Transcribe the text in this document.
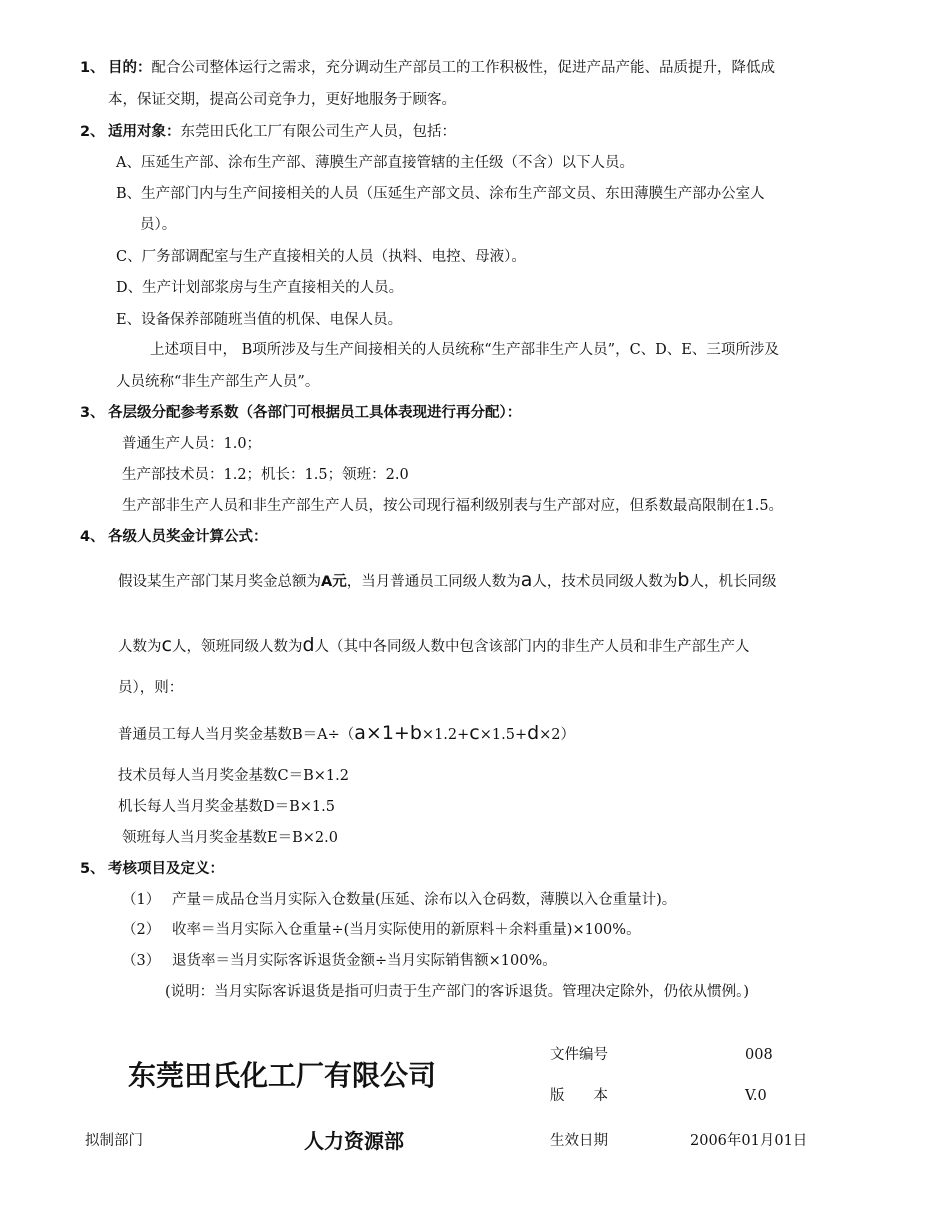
1、 目的：配合公司整体运行之需求，充分调动生产部员工的工作积极性，促进产品产能、品质提升，降低成
本，保证交期，提高公司竞争力，更好地服务于顾客。
2、 适用对象：东莞田氏化工厂有限公司生产人员，包括：
A、压延生产部、涂布生产部、薄膜生产部直接管辖的主任级（不含）以下人员。
B、生产部门内与生产间接相关的人员（压延生产部文员、涂布生产部文员、东田薄膜生产部办公室人
员）。
C、厂务部调配室与生产直接相关的人员（执料、电控、母液）。
D、生产计划部浆房与生产直接相关的人员。
E、设备保养部随班当值的机保、电保人员。
上述项目中， B项所涉及与生产间接相关的人员统称“生产部非生产人员”，C、D、E、三项所涉及
人员统称“非生产部生产人员”。
3、 各层级分配参考系数（各部门可根据员工具体表现进行再分配）：
普通生产人员：1.0；
生产部技术员：1.2；机长：1.5；领班：2.0
生产部非生产人员和非生产部生产人员，按公司现行福利级别表与生产部对应，但系数最高限制在1.5。
4、 各级人员奖金计算公式：
假设某生产部门某月奖金总额为A元，当月普通员工同级人数为a人，技术员同级人数为b人，机长同级
人数为c人，领班同级人数为d人（其中各同级人数中包含该部门内的非生产人员和非生产部生产人
员），则：
普通员工每人当月奖金基数B＝A÷（a×1+b×1.2+c×1.5+d×2）
技术员每人当月奖金基数C＝B×1.2
机长每人当月奖金基数D＝B×1.5
领班每人当月奖金基数E＝B×2.0
5、 考核项目及定义：
（1） 产量＝成品仓当月实际入仓数量(压延、涂布以入仓码数，薄膜以入仓重量计)。
（2） 收率＝当月实际入仓重量÷(当月实际使用的新原料＋余料重量)×100%。
（3） 退货率＝当月实际客诉退货金额÷当月实际销售额×100%。
(说明：当月实际客诉退货是指可归责于生产部门的客诉退货。管理决定除外，仍依从惯例。)
东莞田氏化工厂有限公司
文件编号	008
版　　本	V.0
拟制部门	人力资源部	生效日期	2006年01月01日
